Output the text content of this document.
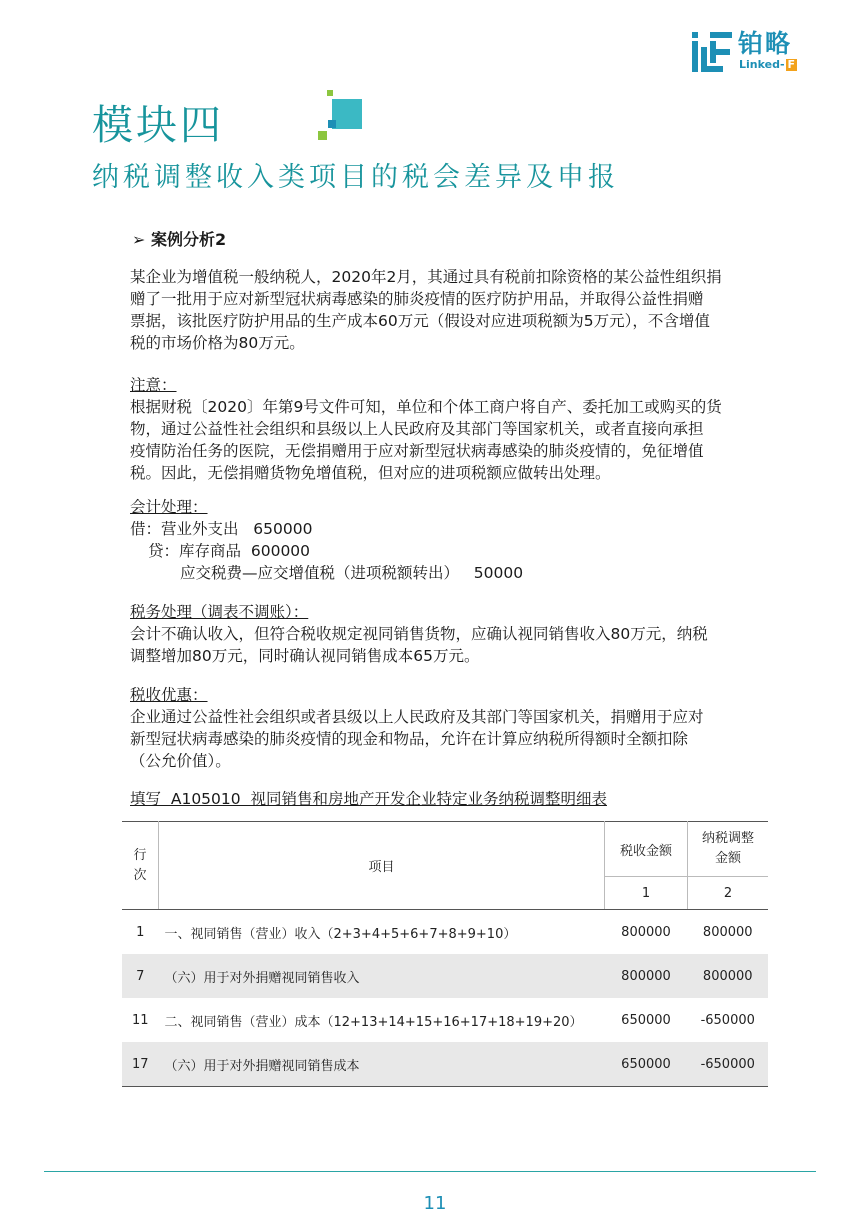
铂略
Linked- F
模块四
纳税调整收入类项目的税会差异及申报
➢ 案例分析2
某企业为增值税一般纳税人，2020年2月，其通过具有税前扣除资格的某公益性组织捐
赠了一批用于应对新型冠状病毒感染的肺炎疫情的医疗防护用品，并取得公益性捐赠
票据，该批医疗防护用品的生产成本60万元（假设对应进项税额为5万元），不含增值
税的市场价格为80万元。
注意：
根据财税〔2020〕年第9号文件可知，单位和个体工商户将自产、委托加工或购买的货
物，通过公益性社会组织和县级以上人民政府及其部门等国家机关，或者直接向承担
疫情防治任务的医院，无偿捐赠用于应对新型冠状病毒感染的肺炎疫情的，免征增值
税。因此，无偿捐赠货物免增值税，但对应的进项税额应做转出处理。
会计处理：
借：营业外支出   650000
贷：库存商品  600000
应交税费—应交增值税（进项税额转出）   50000
税务处理（调表不调账）：
会计不确认收入，但符合税收规定视同销售货物，应确认视同销售收入80万元，纳税
调整增加80万元，同时确认视同销售成本65万元。
税收优惠：
企业通过公益性社会组织或者县级以上人民政府及其部门等国家机关，捐赠用于应对
新型冠状病毒感染的肺炎疫情的现金和物品，允许在计算应纳税所得额时全额扣除
（公允价值）。
填写  A105010  视同销售和房地产开发企业特定业务纳税调整明细表
行次	项目	税收金额	纳税调整金额
		1	2
1	一、视同销售（营业）收入（2+3+4+5+6+7+8+9+10）	800000	800000
7	（六）用于对外捐赠视同销售收入	800000	800000
11	二、视同销售（营业）成本（12+13+14+15+16+17+18+19+20）	650000	-650000
17	（六）用于对外捐赠视同销售成本	650000	-650000
11
